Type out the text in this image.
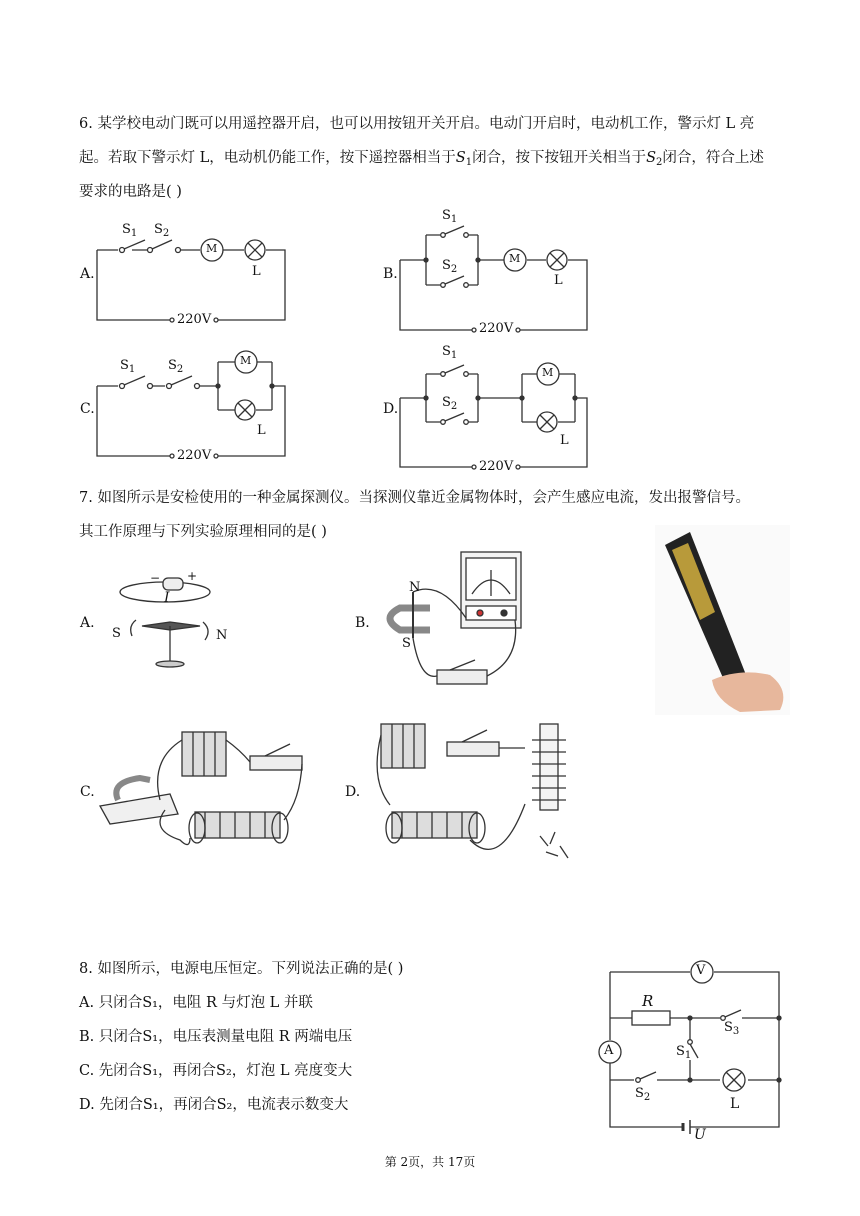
6. 某学校电动门既可以用遥控器开启，也可以用按钮开关开启。电动门开启时，电动机工作，警示灯 L 亮
起。若取下警示灯 L，电动机仍能工作，按下遥控器相当于$S_1$闭合，按下按钮开关相当于$S_2$闭合，符合上述
要求的电路是( )
A.	B.
C.	D.
$S_1$ $S_2$
M
L
220V
$S_1$
$S_2$
M
L
220V
$S_1$	$S_2$
M
L
220V
$S_1$
$S_2$
M
L
220V
7. 如图所示是安检使用的一种金属探测仪。当探测仪靠近金属物体时，会产生感应电流，发出报警信号。
其工作原理与下列实验原理相同的是( )
A.	B.
C.	D.
− +
I
S	N
N
S
8. 如图所示，电源电压恒定。下列说法正确的是( )
A. 只闭合S₁，电阻 R 与灯泡 L 并联
B. 只闭合S₁，电压表测量电阻 R 两端电压
C. 先闭合S₁，再闭合S₂，灯泡 L 亮度变大
D. 先闭合S₁，再闭合S₂，电流表示数变大
V
A
R
$S_1$
$S_2$
$S_3$
L
U
第 2页，共 17页
